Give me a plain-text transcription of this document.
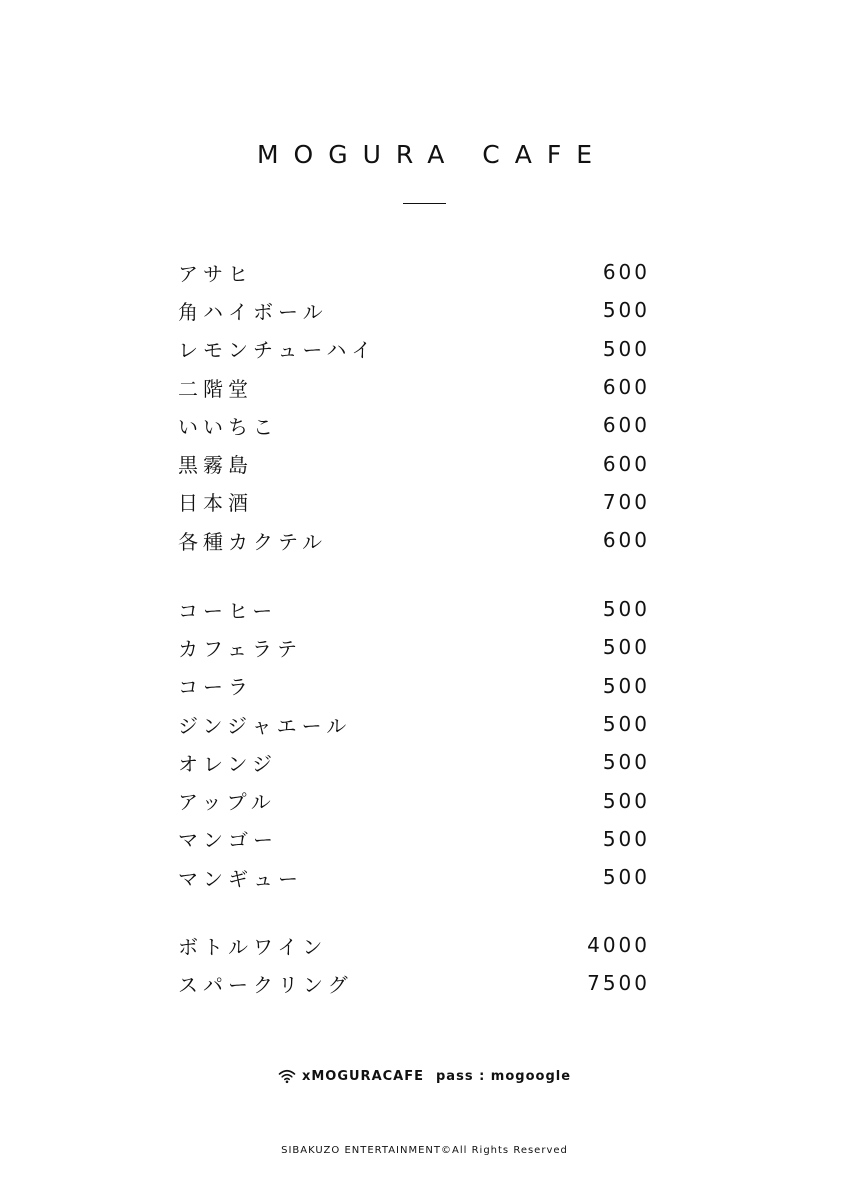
MOGURA CAFE
アサヒ	600
角ハイボール	500
レモンチューハイ	500
二階堂	600
いいちこ	600
黒霧島	600
日本酒	700
各種カクテル	600
コーヒー	500
カフェラテ	500
コーラ	500
ジンジャエール	500
オレンジ	500
アップル	500
マンゴー	500
マンギュー	500
ボトルワイン	4000
スパークリング	7500
xMOGURACAFE pass : mogoogle
SIBAKUZO ENTERTAINMENT©All Rights Reserved
